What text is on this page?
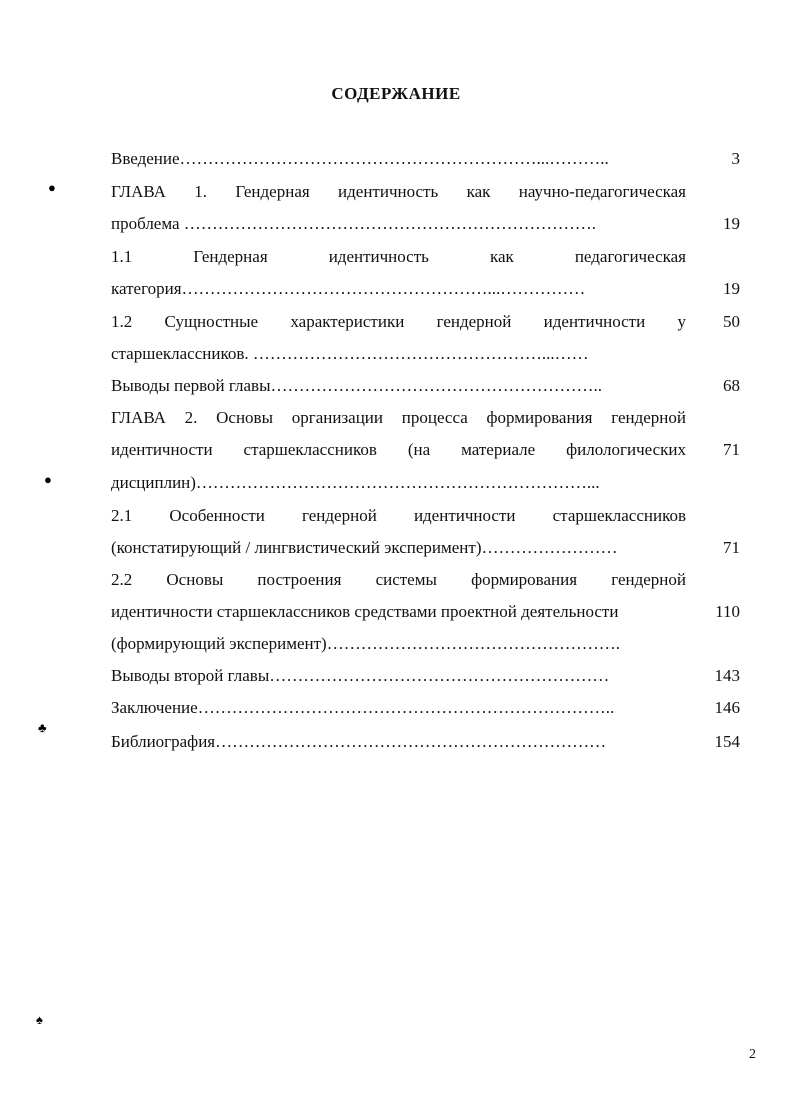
СОДЕРЖАНИЕ
Введение………………………………………………………...………..	3
ГЛАВА 1. Гендерная идентичность как научно-педагогическая
проблема ……………………………………………………………….	19
1.1 Гендерная идентичность как педагогическая
категория………………………………………………...……………	19
1.2 Сущностные характеристики гендерной идентичности у	50
старшеклассников. ……………………………………………...……
Выводы первой главы…………………………………………………..	68
ГЛАВА 2. Основы организации процесса формирования гендерной
идентичности старшеклассников (на материале филологических	71
дисциплин)……………………………………………………………...
2.1 Особенности гендерной идентичности старшеклассников
(констатирующий / лингвистический эксперимент)……………………	71
2.2 Основы построения системы формирования гендерной
идентичности старшеклассников средствами проектной деятельности	110
(формирующий эксперимент)…………………………………………….
Выводы второй главы……………………………………………………	143
Заключение………………………………………………………………..	146
Библиография……………………………………………………………	154
●
●
♣
♠
2
